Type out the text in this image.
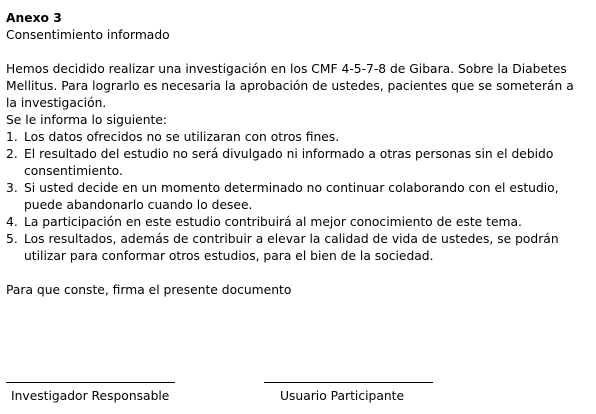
Anexo 3
Consentimiento informado
Hemos decidido realizar una investigación en los CMF 4-5-7-8 de Gibara. Sobre la Diabetes
Mellitus. Para lograrlo es necesaria la aprobación de ustedes, pacientes que se someterán a
la investigación.
Se le informa lo siguiente:
1. Los datos ofrecidos no se utilizaran con otros fines.
2. El resultado del estudio no será divulgado ni informado a otras personas sin el debido
consentimiento.
3. Si usted decide en un momento determinado no continuar colaborando con el estudio,
puede abandonarlo cuando lo desee.
4. La participación en este estudio contribuirá al mejor conocimiento de este tema.
5. Los resultados, además de contribuir a elevar la calidad de vida de ustedes, se podrán
utilizar para conformar otros estudios, para el bien de la sociedad.
Para que conste, firma el presente documento
Investigador Responsable	Usuario Participante
